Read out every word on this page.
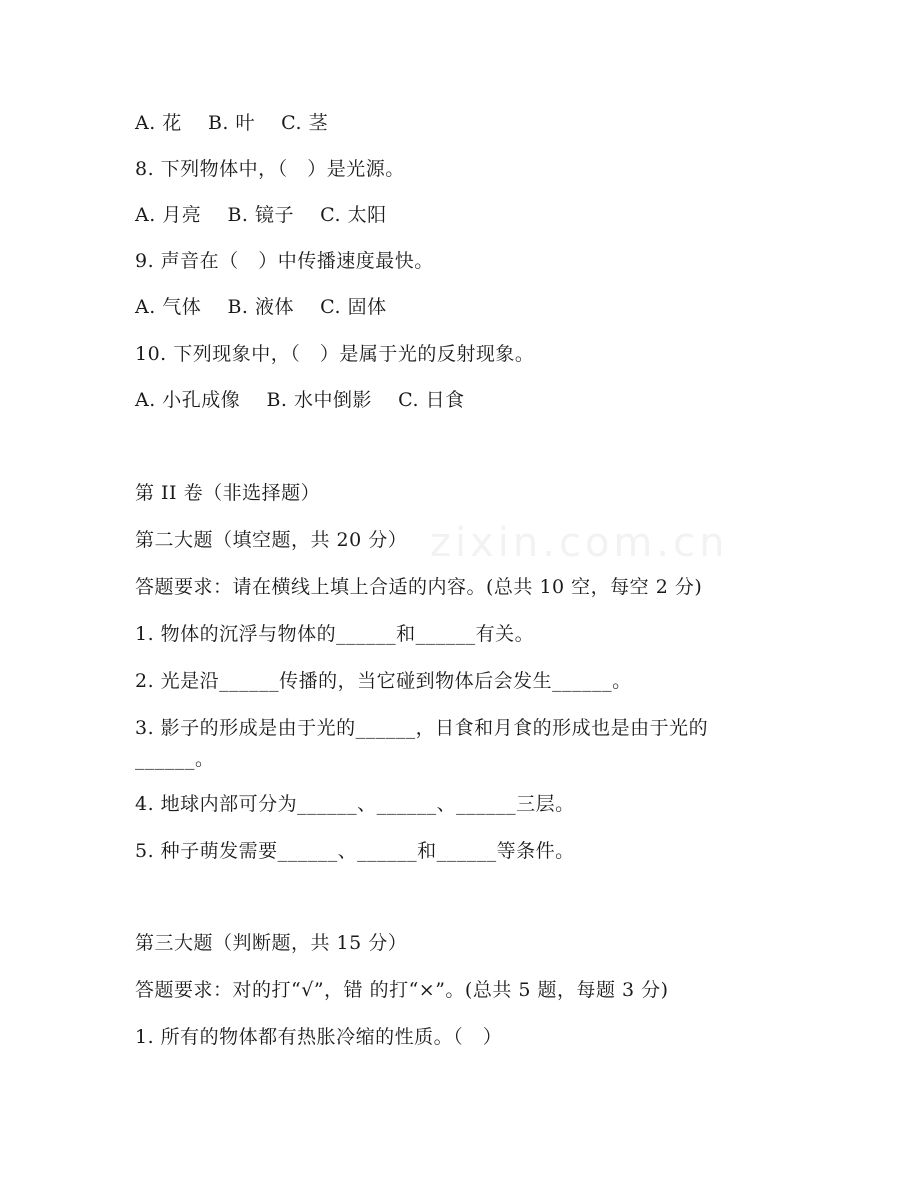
zixin.com.cn
A. 花    B. 叶    C. 茎
8. 下列物体中，（   ）是光源。
A. 月亮    B. 镜子    C. 太阳
9. 声音在（   ）中传播速度最快。
A. 气体    B. 液体    C. 固体
10. 下列现象中，（   ）是属于光的反射现象。
A. 小孔成像    B. 水中倒影    C. 日食
第 II 卷（非选择题）
第二大题（填空题，共 20 分）
答题要求：请在横线上填上合适的内容。(总共 10 空，每空 2 分)
1. 物体的沉浮与物体的______和______有关。
2. 光是沿______传播的，当它碰到物体后会发生______。
3. 影子的形成是由于光的______，日食和月食的形成也是由于光的
______。
4. 地球内部可分为______、______、______三层。
5. 种子萌发需要______、______和______等条件。
第三大题（判断题，共 15 分）
答题要求：对的打“√”，错 的打“×”。(总共 5 题，每题 3 分)
1. 所有的物体都有热胀冷缩的性质。（   ）
